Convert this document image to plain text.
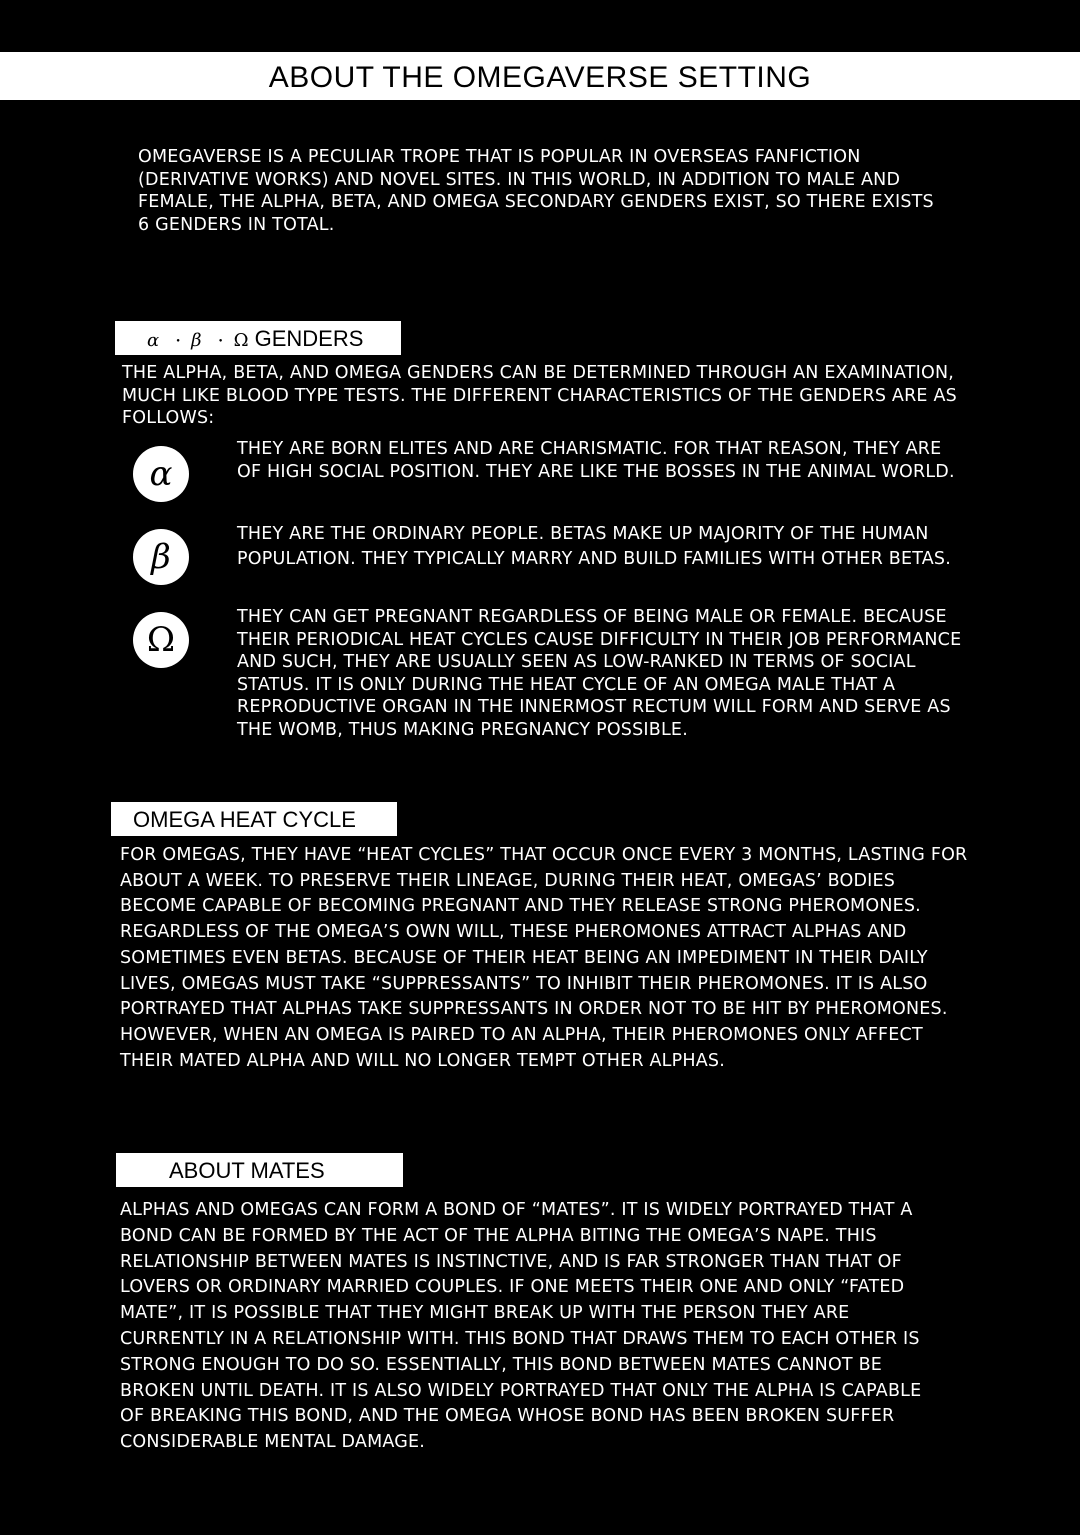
ABOUT THE OMEGAVERSE SETTING
OMEGAVERSE IS A PECULIAR TROPE THAT IS POPULAR IN OVERSEAS FANFICTION (DERIVATIVE WORKS) AND NOVEL SITES. IN THIS WORLD, IN ADDITION TO MALE AND FEMALE, THE ALPHA, BETA, AND OMEGA SECONDARY GENDERS EXIST, SO THERE EXISTS 6 GENDERS IN TOTAL.
α ・ β ・ Ω GENDERS
THE ALPHA, BETA, AND OMEGA GENDERS CAN BE DETERMINED THROUGH AN EXAMINATION, MUCH LIKE BLOOD TYPE TESTS. THE DIFFERENT CHARACTERISTICS OF THE GENDERS ARE AS FOLLOWS:
α
THEY ARE BORN ELITES AND ARE CHARISMATIC. FOR THAT REASON, THEY ARE OF HIGH SOCIAL POSITION. THEY ARE LIKE THE BOSSES IN THE ANIMAL WORLD.
β
THEY ARE THE ORDINARY PEOPLE. BETAS MAKE UP MAJORITY OF THE HUMAN POPULATION. THEY TYPICALLY MARRY AND BUILD FAMILIES WITH OTHER BETAS.
Ω
THEY CAN GET PREGNANT REGARDLESS OF BEING MALE OR FEMALE. BECAUSE THEIR PERIODICAL HEAT CYCLES CAUSE DIFFICULTY IN THEIR JOB PERFORMANCE AND SUCH, THEY ARE USUALLY SEEN AS LOW-RANKED IN TERMS OF SOCIAL STATUS. IT IS ONLY DURING THE HEAT CYCLE OF AN OMEGA MALE THAT A REPRODUCTIVE ORGAN IN THE INNERMOST RECTUM WILL FORM AND SERVE AS THE WOMB, THUS MAKING PREGNANCY POSSIBLE.
OMEGA HEAT CYCLE
FOR OMEGAS, THEY HAVE “HEAT CYCLES” THAT OCCUR ONCE EVERY 3 MONTHS, LASTING FOR ABOUT A WEEK. TO PRESERVE THEIR LINEAGE, DURING THEIR HEAT, OMEGAS’ BODIES BECOME CAPABLE OF BECOMING PREGNANT AND THEY RELEASE STRONG PHEROMONES. REGARDLESS OF THE OMEGA’S OWN WILL, THESE PHEROMONES ATTRACT ALPHAS AND SOMETIMES EVEN BETAS. BECAUSE OF THEIR HEAT BEING AN IMPEDIMENT IN THEIR DAILY LIVES, OMEGAS MUST TAKE “SUPPRESSANTS” TO INHIBIT THEIR PHEROMONES. IT IS ALSO PORTRAYED THAT ALPHAS TAKE SUPPRESSANTS IN ORDER NOT TO BE HIT BY PHEROMONES. HOWEVER, WHEN AN OMEGA IS PAIRED TO AN ALPHA, THEIR PHEROMONES ONLY AFFECT THEIR MATED ALPHA AND WILL NO LONGER TEMPT OTHER ALPHAS.
ABOUT MATES
ALPHAS AND OMEGAS CAN FORM A BOND OF “MATES”. IT IS WIDELY PORTRAYED THAT A BOND CAN BE FORMED BY THE ACT OF THE ALPHA BITING THE OMEGA’S NAPE. THIS RELATIONSHIP BETWEEN MATES IS INSTINCTIVE, AND IS FAR STRONGER THAN THAT OF LOVERS OR ORDINARY MARRIED COUPLES. IF ONE MEETS THEIR ONE AND ONLY “FATED MATE”, IT IS POSSIBLE THAT THEY MIGHT BREAK UP WITH THE PERSON THEY ARE CURRENTLY IN A RELATIONSHIP WITH. THIS BOND THAT DRAWS THEM TO EACH OTHER IS STRONG ENOUGH TO DO SO. ESSENTIALLY, THIS BOND BETWEEN MATES CANNOT BE BROKEN UNTIL DEATH. IT IS ALSO WIDELY PORTRAYED THAT ONLY THE ALPHA IS CAPABLE OF BREAKING THIS BOND, AND THE OMEGA WHOSE BOND HAS BEEN BROKEN SUFFER CONSIDERABLE MENTAL DAMAGE.
